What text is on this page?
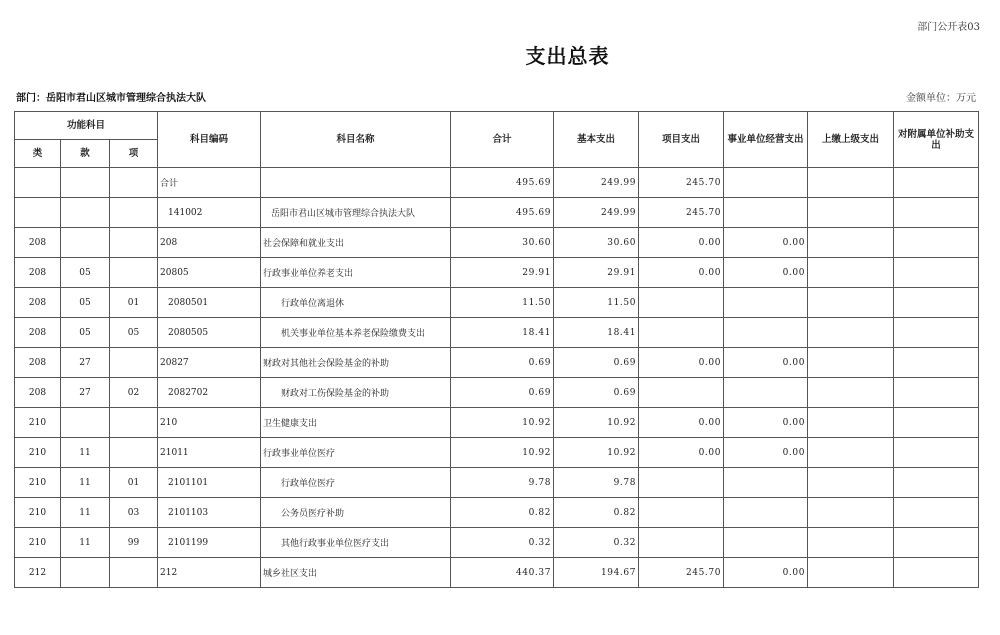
部门公开表03
支出总表
部门：岳阳市君山区城市管理综合执法大队	金额单位：万元
功能科目			科目编码	科目名称	合计	基本支出	项目支出	事业单位经营支出	上缴上级支出	对附属单位补助支出
类	款	项								
			合计		495.69	249.99	245.70			
			141002	岳阳市君山区城市管理综合执法大队	495.69	249.99	245.70			
208			208	社会保障和就业支出	30.60	30.60	0.00	0.00		
208	05		20805	行政事业单位养老支出	29.91	29.91	0.00	0.00		
208	05	01	2080501	行政单位离退休	11.50	11.50				
208	05	05	2080505	机关事业单位基本养老保险缴费支出	18.41	18.41				
208	27		20827	财政对其他社会保险基金的补助	0.69	0.69	0.00	0.00		
208	27	02	2082702	财政对工伤保险基金的补助	0.69	0.69				
210			210	卫生健康支出	10.92	10.92	0.00	0.00		
210	11		21011	行政事业单位医疗	10.92	10.92	0.00	0.00		
210	11	01	2101101	行政单位医疗	9.78	9.78				
210	11	03	2101103	公务员医疗补助	0.82	0.82				
210	11	99	2101199	其他行政事业单位医疗支出	0.32	0.32				
212			212	城乡社区支出	440.37	194.67	245.70	0.00		
